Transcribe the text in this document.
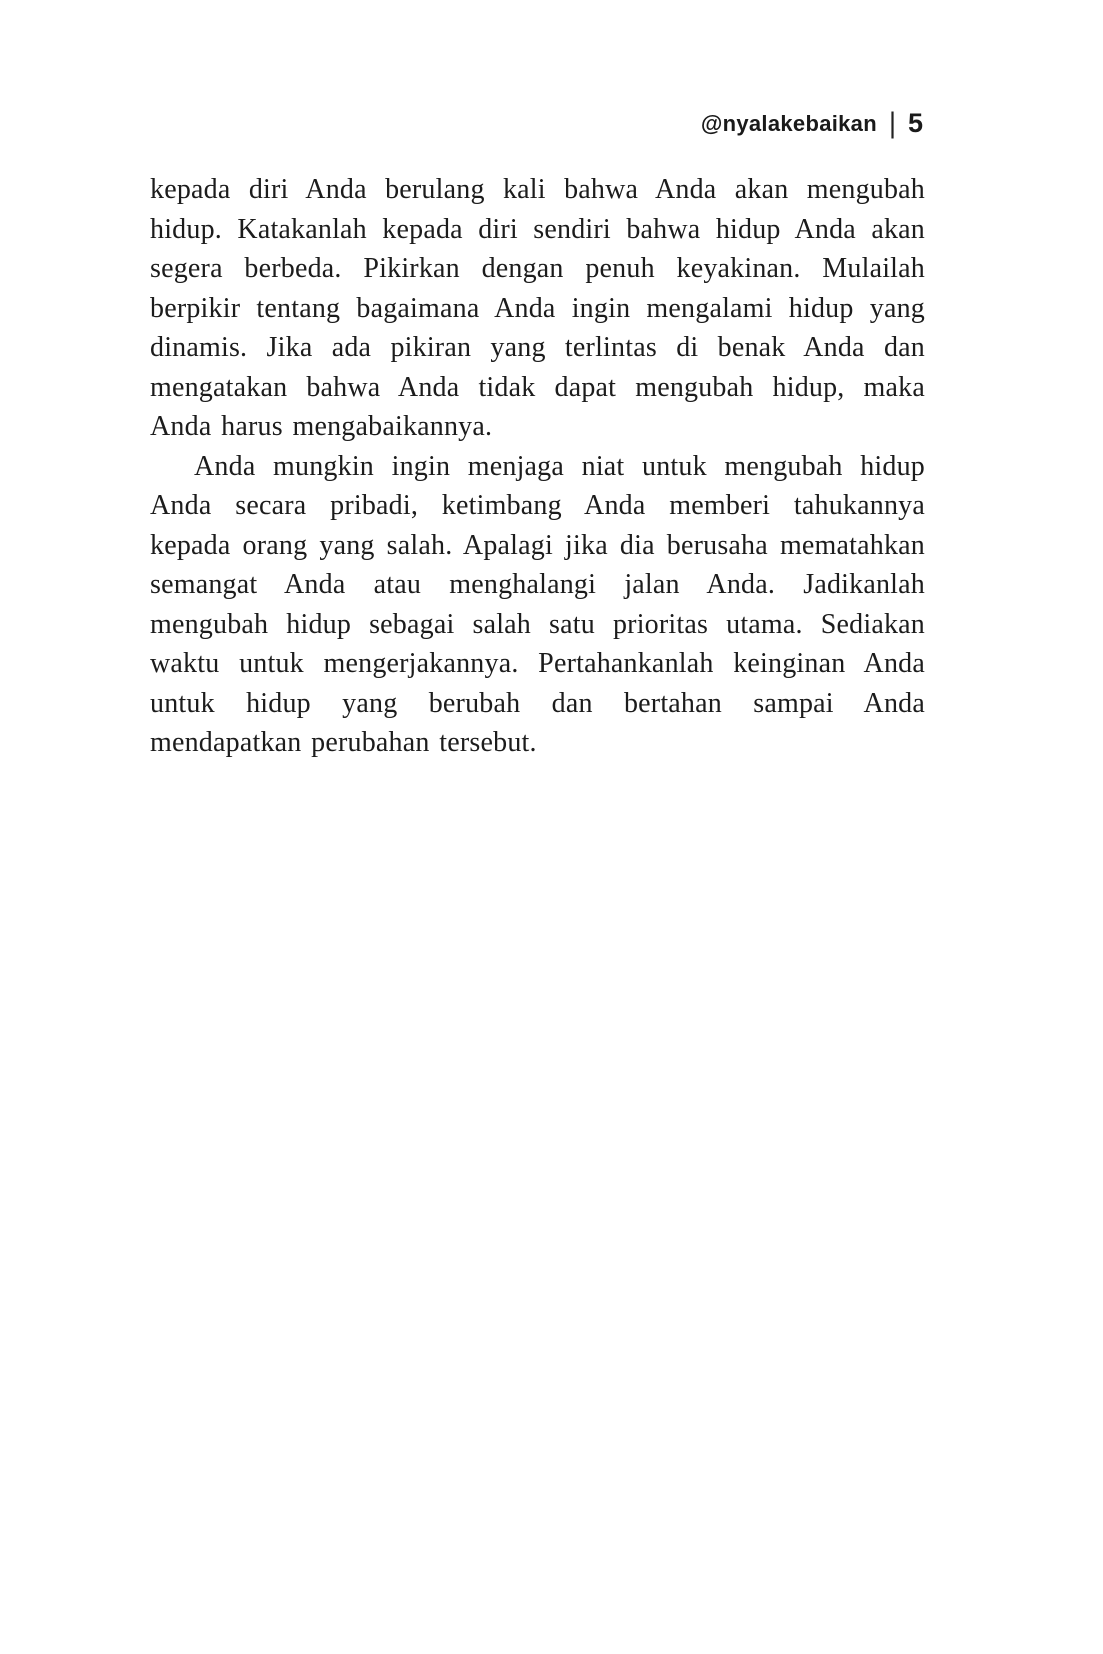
@nyalakebaikan | 5

kepada diri Anda berulang kali bahwa Anda akan mengubah hidup. Katakanlah kepada diri sendiri bahwa hidup Anda akan segera berbeda. Pikirkan dengan penuh keyakinan. Mulailah berpikir tentang bagaimana Anda ingin mengalami hidup yang dinamis. Jika ada pikiran yang terlintas di benak Anda dan mengatakan bahwa Anda tidak dapat mengubah hidup, maka Anda harus mengabaikannya.

Anda mungkin ingin menjaga niat untuk mengubah hidup Anda secara pribadi, ketimbang Anda memberi tahukannya kepada orang yang salah. Apalagi jika dia berusaha mematahkan semangat Anda atau menghalangi jalan Anda. Jadikanlah mengubah hidup sebagai salah satu prioritas utama. Sediakan waktu untuk mengerjakannya. Pertahankanlah keinginan Anda untuk hidup yang berubah dan bertahan sampai Anda mendapatkan perubahan tersebut.
